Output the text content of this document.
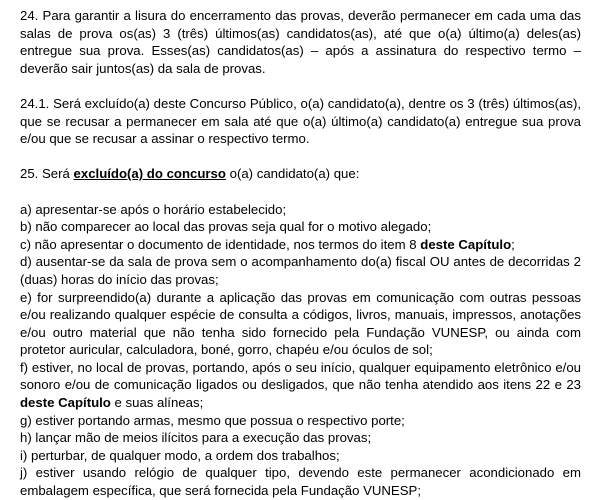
24. Para garantir a lisura do encerramento das provas, deverão permanecer em cada uma das salas de prova os(as) 3 (três) últimos(as) candidatos(as), até que o(a) último(a) deles(as) entregue sua prova. Esses(as) candidatos(as) – após a assinatura do respectivo termo – deverão sair juntos(as) da sala de provas.

24.1. Será excluído(a) deste Concurso Público, o(a) candidato(a), dentre os 3 (três) últimos(as), que se recusar a permanecer em sala até que o(a) último(a) candidato(a) entregue sua prova e/ou que se recusar a assinar o respectivo termo.

25. Será excluído(a) do concurso o(a) candidato(a) que:

a) apresentar-se após o horário estabelecido;

b) não comparecer ao local das provas seja qual for o motivo alegado;

c) não apresentar o documento de identidade, nos termos do item 8 deste Capítulo;

d) ausentar-se da sala de prova sem o acompanhamento do(a) fiscal OU antes de decorridas 2 (duas) horas do início das provas;

e) for surpreendido(a) durante a aplicação das provas em comunicação com outras pessoas e/ou realizando qualquer espécie de consulta a códigos, livros, manuais, impressos, anotações e/ou outro material que não tenha sido fornecido pela Fundação VUNESP, ou ainda com protetor auricular, calculadora, boné, gorro, chapéu e/ou óculos de sol;

f) estiver, no local de provas, portando, após o seu início, qualquer equipamento eletrônico e/ou sonoro e/ou de comunicação ligados ou desligados, que não tenha atendido aos itens 22 e 23 deste Capítulo e suas alíneas;

g) estiver portando armas, mesmo que possua o respectivo porte;

h) lançar mão de meios ilícitos para a execução das provas;

i) perturbar, de qualquer modo, a ordem dos trabalhos;

j) estiver usando relógio de qualquer tipo, devendo este permanecer acondicionado em embalagem específica, que será fornecida pela Fundação VUNESP;
